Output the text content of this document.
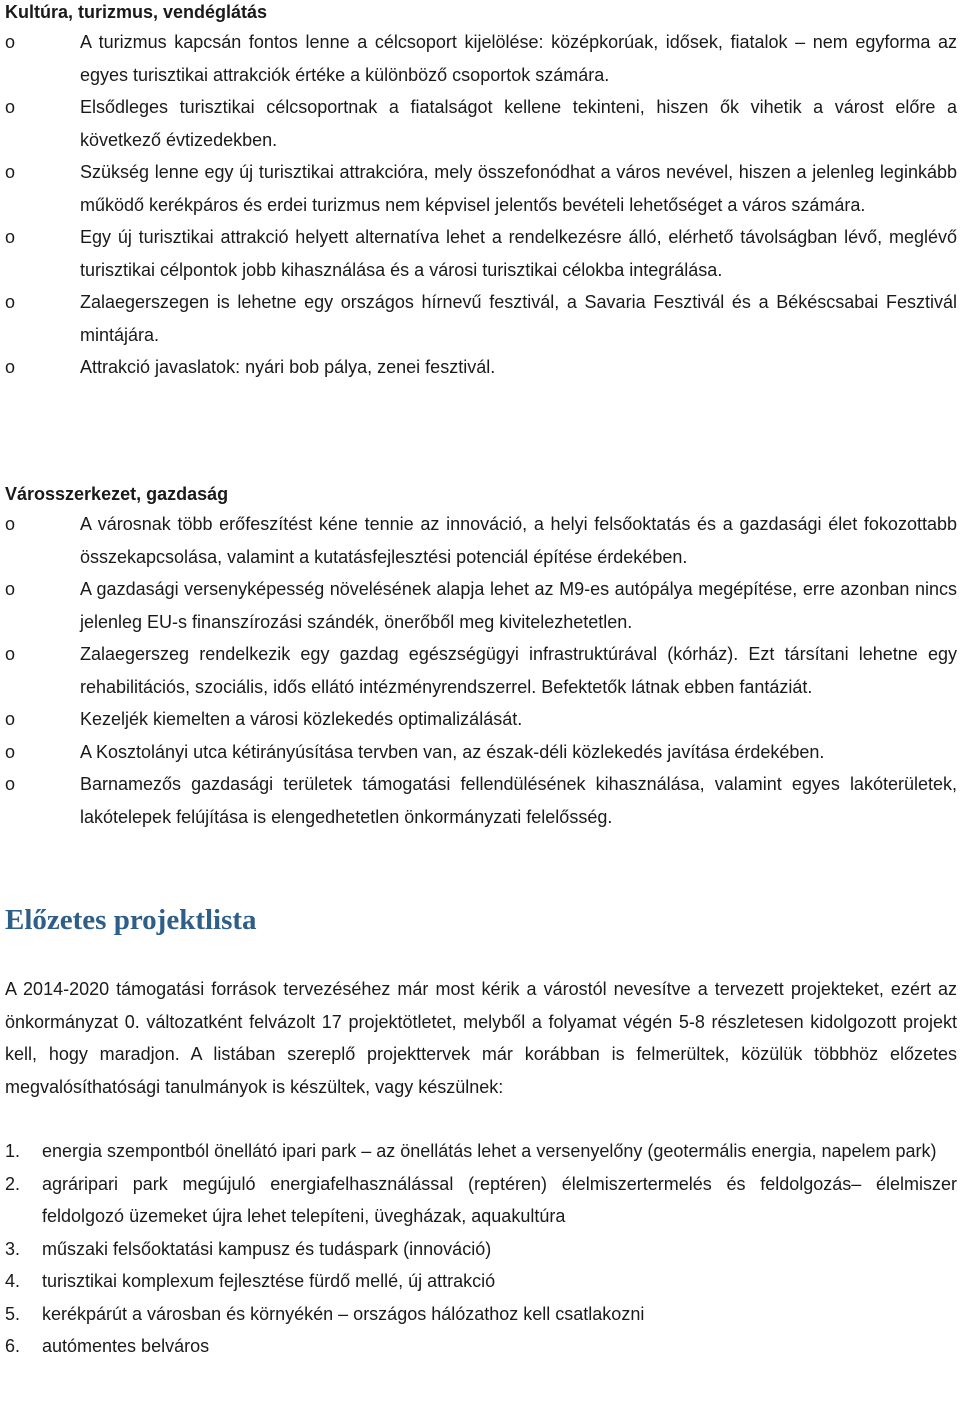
Kultúra, turizmus, vendéglátás

o	A turizmus kapcsán fontos lenne a célcsoport kijelölése: középkorúak, idősek, fiatalok – nem egyforma az egyes turisztikai attrakciók értéke a különböző csoportok számára.
o	Elsődleges turisztikai célcsoportnak a fiatalságot kellene tekinteni, hiszen ők vihetik a várost előre a következő évtizedekben.
o	Szükség lenne egy új turisztikai attrakcióra, mely összefonódhat a város nevével, hiszen a jelenleg leginkább működő kerékpáros és erdei turizmus nem képvisel jelentős bevételi lehetőséget a város számára.
o	Egy új turisztikai attrakció helyett alternatíva lehet a rendelkezésre álló, elérhető távolságban lévő, meglévő turisztikai célpontok jobb kihasználása és a városi turisztikai célokba integrálása.
o	Zalaegerszegen is lehetne egy országos hírnevű fesztivál, a Savaria Fesztivál és a Békéscsabai Fesztivál mintájára.
o	Attrakció javaslatok: nyári bob pálya, zenei fesztivál.

Városszerkezet, gazdaság

o	A városnak több erőfeszítést kéne tennie az innováció, a helyi felsőoktatás és a gazdasági élet fokozottabb összekapcsolása, valamint a kutatásfejlesztési potenciál építése érdekében.
o	A gazdasági versenyképesség növelésének alapja lehet az M9-es autópálya megépítése, erre azonban nincs jelenleg EU-s finanszírozási szándék, önerőből meg kivitelezhetetlen.
o	Zalaegerszeg rendelkezik egy gazdag egészségügyi infrastruktúrával (kórház). Ezt társítani lehetne egy rehabilitációs, szociális, idős ellátó intézményrendszerrel. Befektetők látnak ebben fantáziát.
o	Kezeljék kiemelten a városi közlekedés optimalizálását.
o	A Kosztolányi utca kétirányúsítása tervben van, az észak-déli közlekedés javítása érdekében.
o	Barnamezős gazdasági területek támogatási fellendülésének kihasználása, valamint egyes lakóterületek, lakótelepek felújítása is elengedhetetlen önkormányzati felelősség.
Előzetes projektlista

A 2014-2020 támogatási források tervezéséhez már most kérik a várostól nevesítve a tervezett projekteket, ezért az önkormányzat 0. változatként felvázolt 17 projektötletet, melyből a folyamat végén 5-8 részletesen kidolgozott projekt kell, hogy maradjon. A listában szereplő projekttervek már korábban is felmerültek, közülük többhöz előzetes megvalósíthatósági tanulmányok is készültek, vagy készülnek:

1. energia szempontból önellátó ipari park – az önellátás lehet a versenyelőny (geotermális energia, napelem park)
2. agráripari park megújuló energiafelhasználással (reptéren) élelmiszertermelés és feldolgozás– élelmiszer feldolgozó üzemeket újra lehet telepíteni, üvegházak, aquakultúra
3. műszaki felsőoktatási kampusz és tudáspark (innováció)
4. turisztikai komplexum fejlesztése fürdő mellé, új attrakció
5. kerékpárút a városban és környékén – országos hálózathoz kell csatlakozni
6. autómentes belváros
